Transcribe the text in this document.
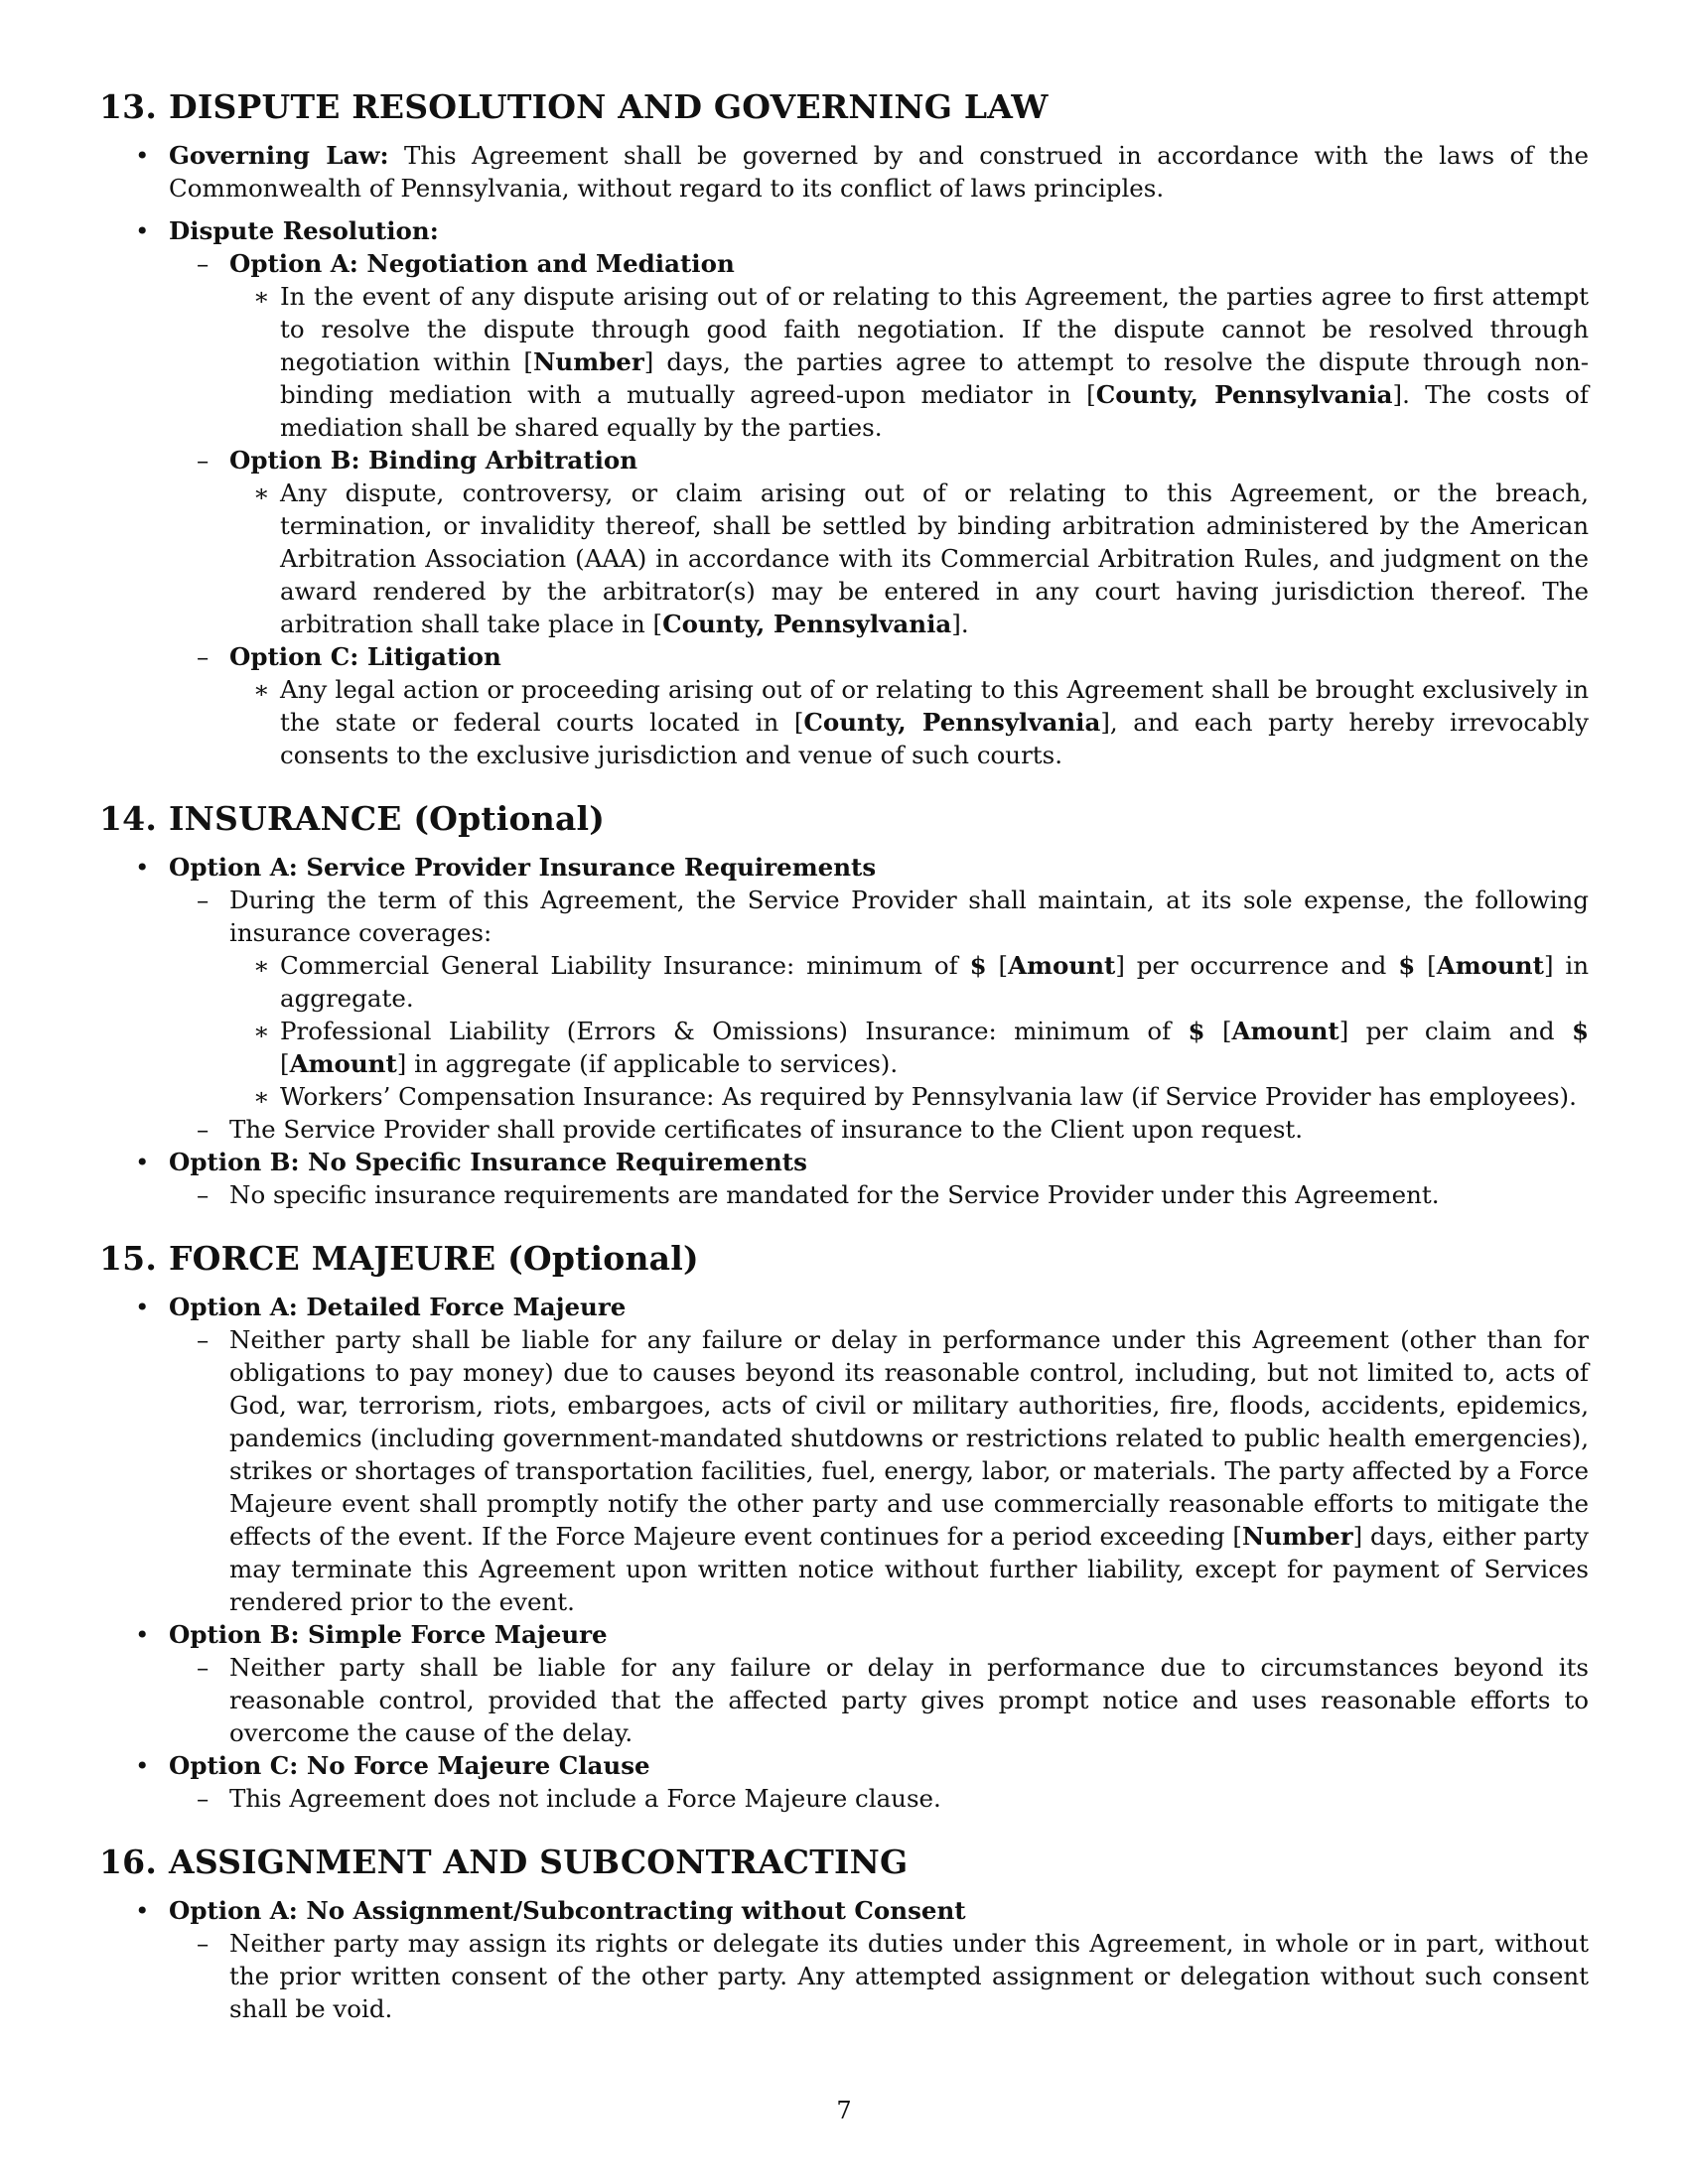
13. DISPUTE RESOLUTION AND GOVERNING LAW

• Governing Law: This Agreement shall be governed by and construed in accordance with the laws of the Commonwealth of Pennsylvania, without regard to its conflict of laws principles.

• Dispute Resolution:

– Option A: Negotiation and Mediation

∗ In the event of any dispute arising out of or relating to this Agreement, the parties agree to first attempt to resolve the dispute through good faith negotiation. If the dispute cannot be resolved through negotiation within [Number] days, the parties agree to attempt to resolve the dispute through non-binding mediation with a mutually agreed-upon mediator in [County, Pennsylvania]. The costs of mediation shall be shared equally by the parties.

– Option B: Binding Arbitration

∗ Any dispute, controversy, or claim arising out of or relating to this Agreement, or the breach, termination, or invalidity thereof, shall be settled by binding arbitration administered by the American Arbitration Association (AAA) in accordance with its Commercial Arbitration Rules, and judgment on the award rendered by the arbitrator(s) may be entered in any court having jurisdiction thereof. The arbitration shall take place in [County, Pennsylvania].

– Option C: Litigation

∗ Any legal action or proceeding arising out of or relating to this Agreement shall be brought exclusively in the state or federal courts located in [County, Pennsylvania], and each party hereby irrevocably consents to the exclusive jurisdiction and venue of such courts.

14. INSURANCE (Optional)

• Option A: Service Provider Insurance Requirements

– During the term of this Agreement, the Service Provider shall maintain, at its sole expense, the following insurance coverages:

∗ Commercial General Liability Insurance: minimum of $ [Amount] per occurrence and $ [Amount] in aggregate.

∗ Professional Liability (Errors & Omissions) Insurance: minimum of $ [Amount] per claim and $ [Amount] in aggregate (if applicable to services).

∗ Workers’ Compensation Insurance: As required by Pennsylvania law (if Service Provider has employees).

– The Service Provider shall provide certificates of insurance to the Client upon request.

• Option B: No Specific Insurance Requirements

– No specific insurance requirements are mandated for the Service Provider under this Agreement.

15. FORCE MAJEURE (Optional)

• Option A: Detailed Force Majeure

– Neither party shall be liable for any failure or delay in performance under this Agreement (other than for obligations to pay money) due to causes beyond its reasonable control, including, but not limited to, acts of God, war, terrorism, riots, embargoes, acts of civil or military authorities, fire, floods, accidents, epidemics, pandemics (including government-mandated shutdowns or restrictions related to public health emergencies), strikes or shortages of transportation facilities, fuel, energy, labor, or materials. The party affected by a Force Majeure event shall promptly notify the other party and use commercially reasonable efforts to mitigate the effects of the event. If the Force Majeure event continues for a period exceeding [Number] days, either party may terminate this Agreement upon written notice without further liability, except for payment of Services rendered prior to the event.

• Option B: Simple Force Majeure

– Neither party shall be liable for any failure or delay in performance due to circumstances beyond its reasonable control, provided that the affected party gives prompt notice and uses reasonable efforts to overcome the cause of the delay.

• Option C: No Force Majeure Clause

– This Agreement does not include a Force Majeure clause.

16. ASSIGNMENT AND SUBCONTRACTING

• Option A: No Assignment/Subcontracting without Consent

– Neither party may assign its rights or delegate its duties under this Agreement, in whole or in part, without the prior written consent of the other party. Any attempted assignment or delegation without such consent shall be void.

7
